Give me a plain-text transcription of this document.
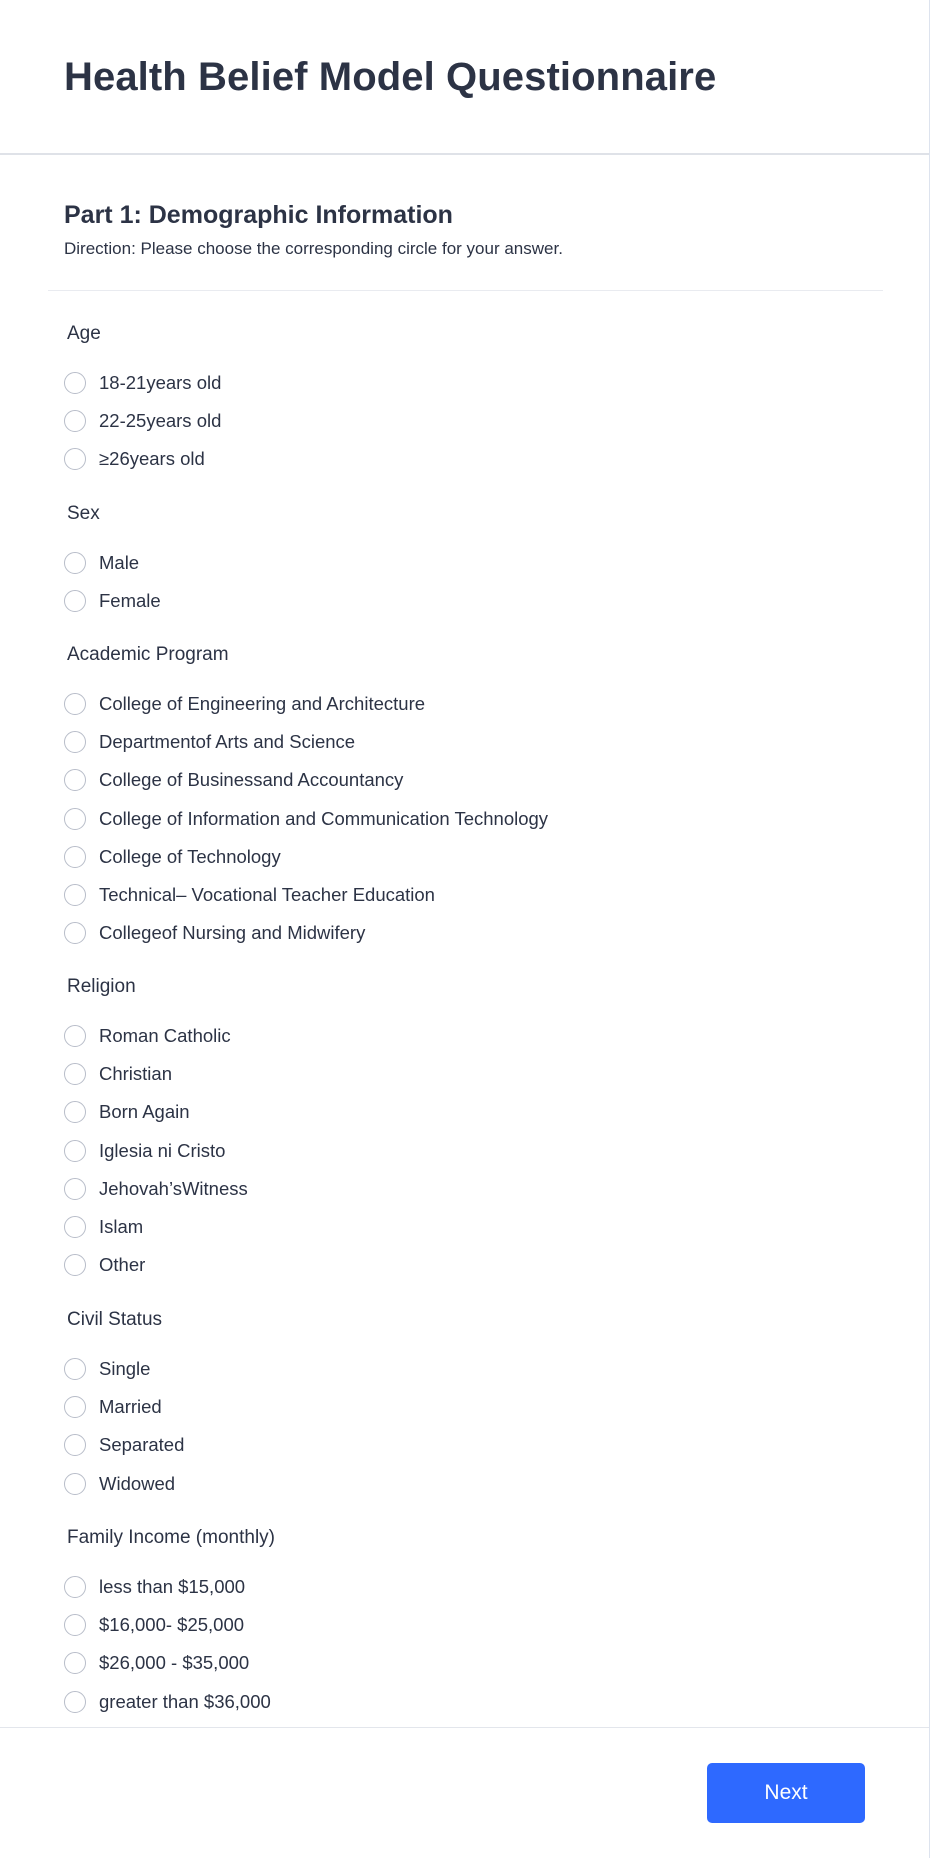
Health Belief Model Questionnaire
Part 1: Demographic Information
Direction: Please choose the corresponding circle for your answer.
Age
18-21years old
22-25years old
≥26years old
Sex
Male
Female
Academic Program
College of Engineering and Architecture
Departmentof Arts and Science
College of Businessand Accountancy
College of Information and Communication Technology
College of Technology
Technical– Vocational Teacher Education
Collegeof Nursing and Midwifery
Religion
Roman Catholic
Christian
Born Again
Iglesia ni Cristo
Jehovah’sWitness
Islam
Other
Civil Status
Single
Married
Separated
Widowed
Family Income (monthly)
less than $15,000
$16,000- $25,000
$26,000 - $35,000
greater than $36,000
Next
